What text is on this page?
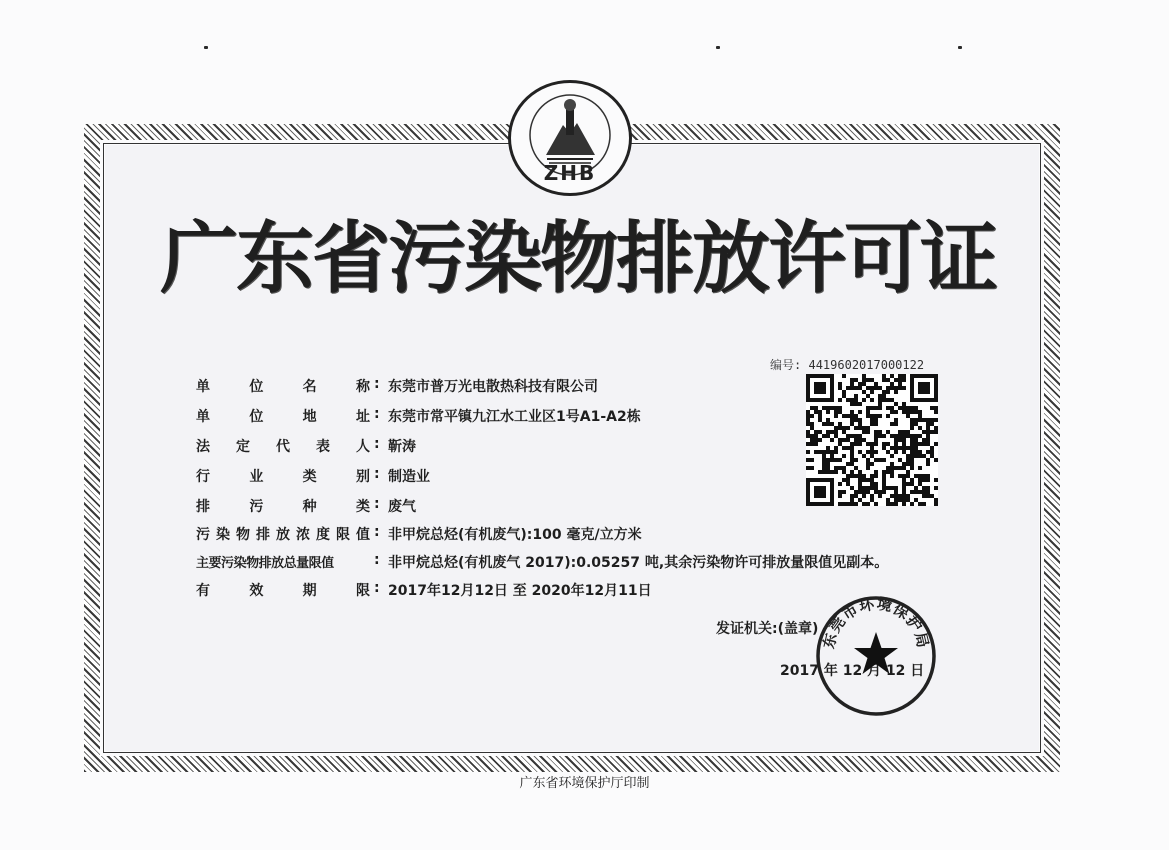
ZHB
广东省污染物排放许可证
编号: 4419602017000122
单	位	名	称 : 东莞市普万光电散热科技有限公司
单	位	地	址 : 东莞市常平镇九江水工业区1号A1-A2栋
法 定 代 表 人 : 靳涛
行	业	类	别 : 制造业
排	污	种	类 : 废气
污 染 物 排 放 浓 度 限 值 : 非甲烷总烃(有机废气):100 毫克/立方米
主 要 污 染 物 排 放 总 量 限 值	: 非甲烷总烃(有机废气 2017):0.05257 吨,其余污染物许可排放量限值见副本。
有	效	期	限 : 2017年12月12日 至 2020年12月11日
发证机关:(盖章)
2017 年 12 月 12 日
东莞市环境保护局
广东省环境保护厅印制
